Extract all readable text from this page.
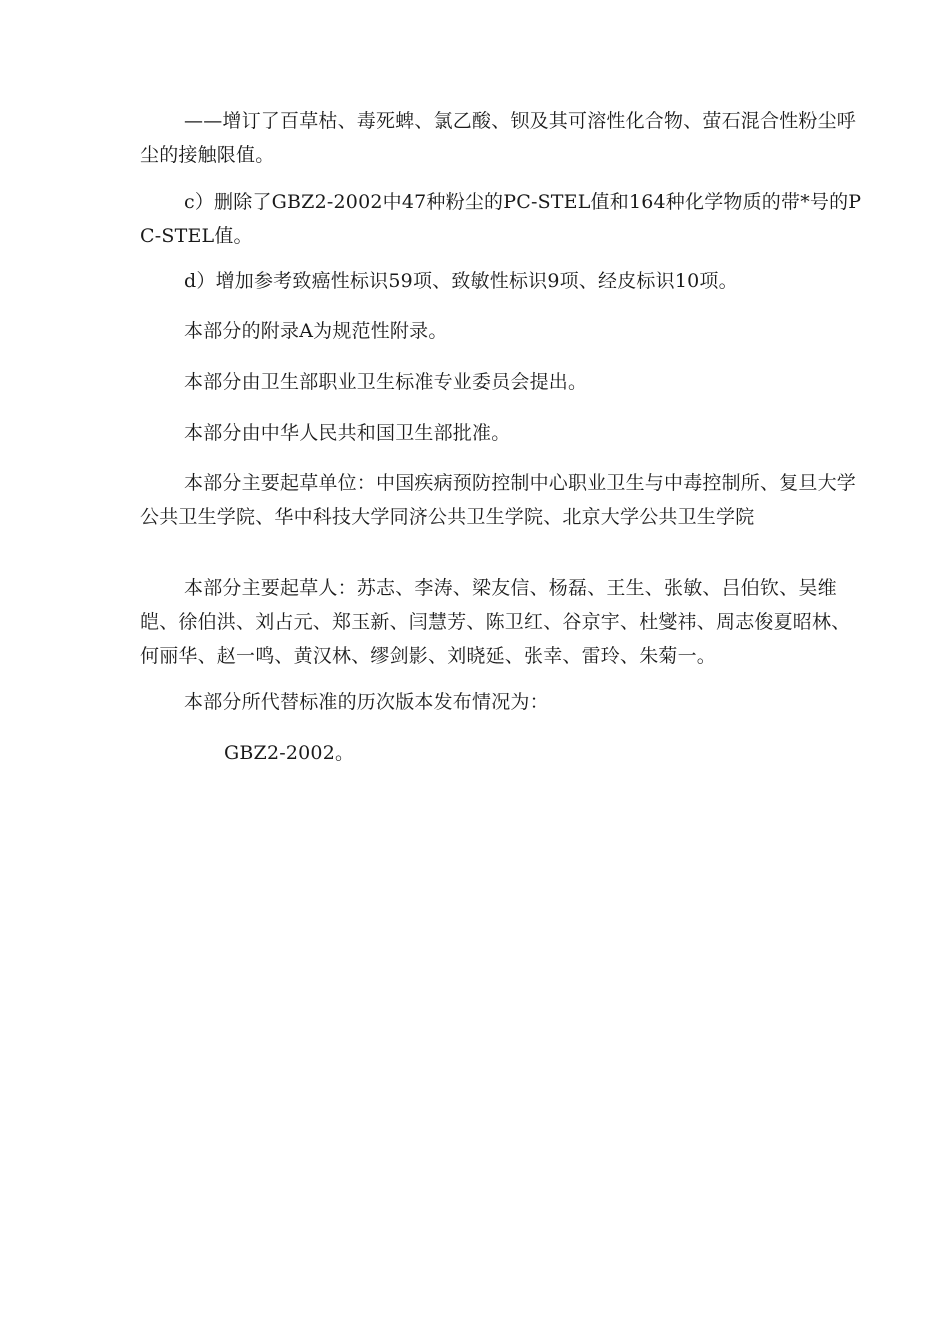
——增订了百草枯、毒死蜱、氯乙酸、钡及其可溶性化合物、萤石混合性粉尘呼尘的接触限值。

c）删除了GBZ2-2002中47种粉尘的PC-STEL值和164种化学物质的带*号的PC-STEL值。

d）增加参考致癌性标识59项、致敏性标识9项、经皮标识10项。

本部分的附录A为规范性附录。

本部分由卫生部职业卫生标准专业委员会提出。

本部分由中华人民共和国卫生部批准。

本部分主要起草单位：中国疾病预防控制中心职业卫生与中毒控制所、复旦大学公共卫生学院、华中科技大学同济公共卫生学院、北京大学公共卫生学院

本部分主要起草人：苏志、李涛、梁友信、杨磊、王生、张敏、吕伯钦、吴维皑、徐伯洪、刘占元、郑玉新、闫慧芳、陈卫红、谷京宇、杜燮祎、周志俊夏昭林、何丽华、赵一鸣、黄汉林、缪剑影、刘晓延、张幸、雷玲、朱菊一。

本部分所代替标准的历次版本发布情况为：

GBZ2-2002。
